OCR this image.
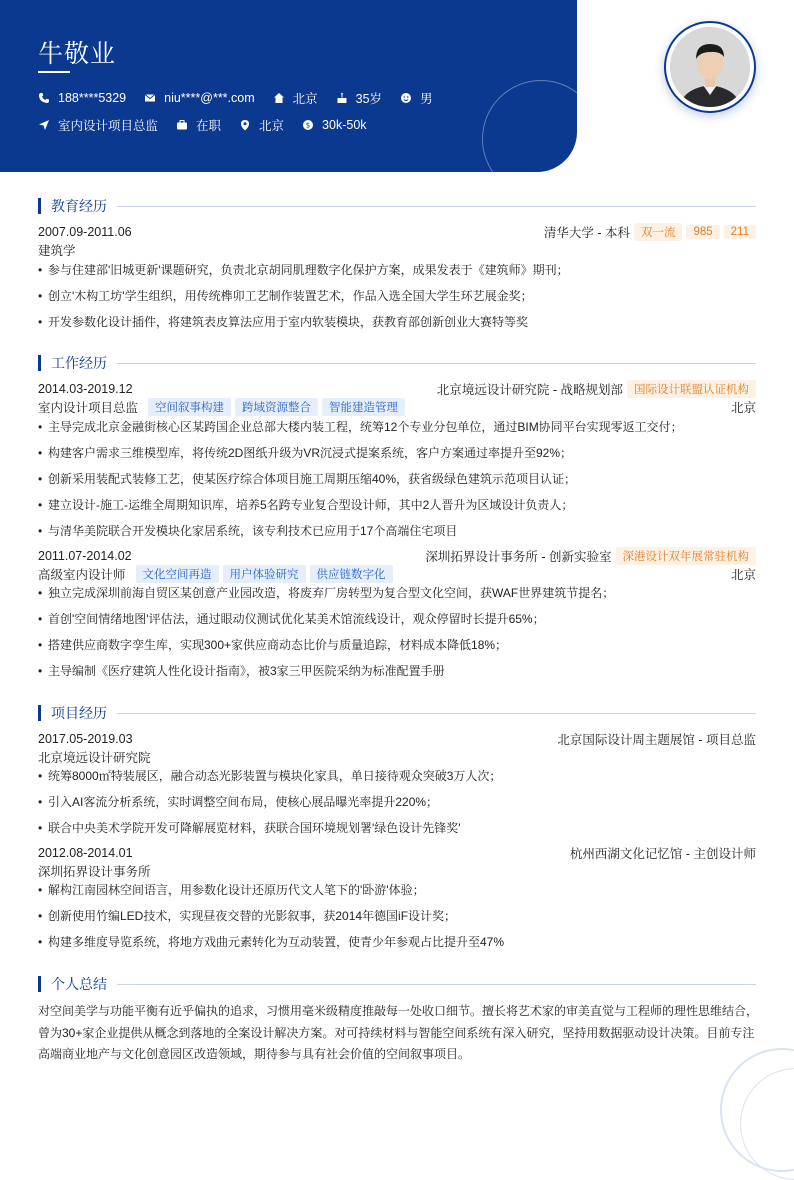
牛敬业
188****5329	niu****@***.com	北京	35岁	男
室内设计项目总监	在职	北京	$ 30k-50k
教育经历
2007.09-2011.06	清华大学 - 本科 双一流	985	211
建筑学
• 参与住建部'旧城更新'课题研究，负责北京胡同肌理数字化保护方案，成果发表于《建筑师》期刊；
• 创立'木构工坊'学生组织，用传统榫卯工艺制作装置艺术，作品入选全国大学生环艺展金奖；
• 开发参数化设计插件，将建筑表皮算法应用于室内软装模块，获教育部创新创业大赛特等奖
工作经历
2014.03-2019.12	北京境远设计研究院 - 战略规划部 国际设计联盟认证机构
室内设计项目总监	空间叙事构建	跨域资源整合	智能建造管理	北京
• 主导完成北京金融街核心区某跨国企业总部大楼内装工程，统筹12个专业分包单位，通过BIM协同平台实现零返工交付；
• 构建客户需求三维模型库，将传统2D图纸升级为VR沉浸式提案系统，客户方案通过率提升至92%；
• 创新采用装配式装修工艺，使某医疗综合体项目施工周期压缩40%，获省级绿色建筑示范项目认证；
• 建立设计-施工-运维全周期知识库，培养5名跨专业复合型设计师，其中2人晋升为区域设计负责人；
• 与清华美院联合开发模块化家居系统，该专利技术已应用于17个高端住宅项目
2011.07-2014.02	深圳拓界设计事务所 - 创新实验室 深港设计双年展常驻机构
高级室内设计师	文化空间再造	用户体验研究	供应链数字化	北京
• 独立完成深圳前海自贸区某创意产业园改造，将废弃厂房转型为复合型文化空间，获WAF世界建筑节提名；
• 首创'空间情绪地图'评估法，通过眼动仪测试优化某美术馆流线设计，观众停留时长提升65%；
• 搭建供应商数字孪生库，实现300+家供应商动态比价与质量追踪，材料成本降低18%；
• 主导编制《医疗建筑人性化设计指南》，被3家三甲医院采纳为标准配置手册
项目经历
2017.05-2019.03	北京国际设计周主题展馆 - 项目总监
北京境远设计研究院
• 统筹8000㎡特装展区，融合动态光影装置与模块化家具，单日接待观众突破3万人次；
• 引入AI客流分析系统，实时调整空间布局，使核心展品曝光率提升220%；
• 联合中央美术学院开发可降解展览材料，获联合国环境规划署'绿色设计先锋奖'
2012.08-2014.01	杭州西湖文化记忆馆 - 主创设计师
深圳拓界设计事务所
• 解构江南园林空间语言，用参数化设计还原历代文人笔下的'卧游'体验；
• 创新使用竹编LED技术，实现昼夜交替的光影叙事，获2014年德国iF设计奖；
• 构建多维度导览系统，将地方戏曲元素转化为互动装置，使青少年参观占比提升至47%
个人总结
对空间美学与功能平衡有近乎偏执的追求，习惯用毫米级精度推敲每一处收口细节。擅长将艺术家的审美直觉与工程师的理性思维结合，曾为30+家企业提供从概念到落地的全案设计解决方案。对可持续材料与智能空间系统有深入研究，坚持用数据驱动设计决策。目前专注高端商业地产与文化创意园区改造领域，期待参与具有社会价值的空间叙事项目。
